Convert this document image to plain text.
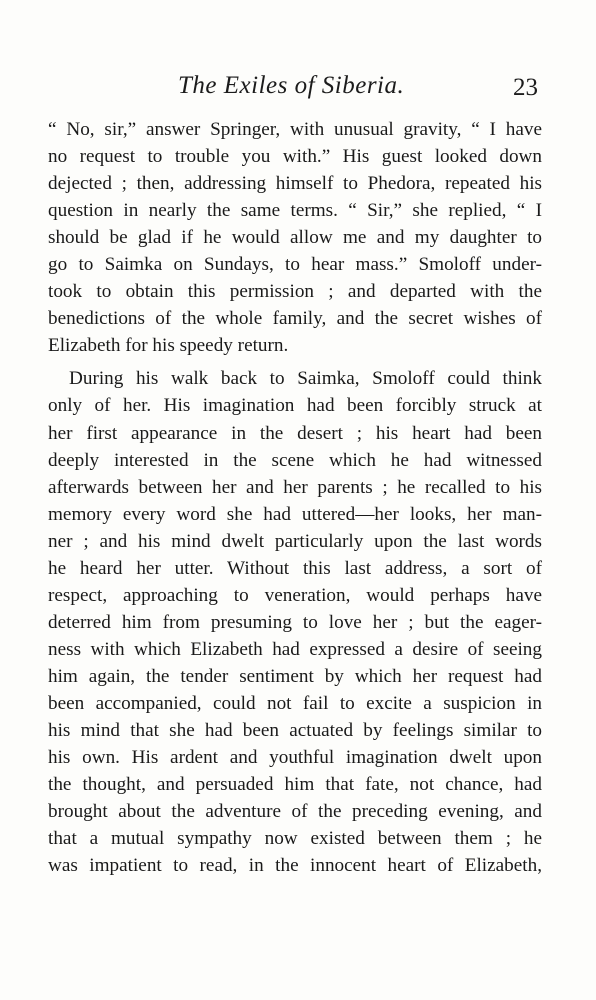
The Exiles of Siberia.	23
“ No, sir,” answer Springer, with unusual gravity, “ I have
no request to trouble you with.” His guest looked down
dejected ; then, addressing himself to Phedora, repeated his
question in nearly the same terms. “ Sir,” she replied, “ I
should be glad if he would allow me and my daughter to
go to Saimka on Sundays, to hear mass.” Smoloff under-
took to obtain this permission ; and departed with the
benedictions of the whole family, and the secret wishes of
Elizabeth for his speedy return.
During his walk back to Saimka, Smoloff could think
only of her. His imagination had been forcibly struck at
her first appearance in the desert ; his heart had been
deeply interested in the scene which he had witnessed
afterwards between her and her parents ; he recalled to his
memory every word she had uttered—her looks, her man-
ner ; and his mind dwelt particularly upon the last words
he heard her utter. Without this last address, a sort of
respect, approaching to veneration, would perhaps have
deterred him from presuming to love her ; but the eager-
ness with which Elizabeth had expressed a desire of seeing
him again, the tender sentiment by which her request had
been accompanied, could not fail to excite a suspicion in
his mind that she had been actuated by feelings similar to
his own. His ardent and youthful imagination dwelt upon
the thought, and persuaded him that fate, not chance, had
brought about the adventure of the preceding evening, and
that a mutual sympathy now existed between them ; he
was impatient to read, in the innocent heart of Elizabeth,
